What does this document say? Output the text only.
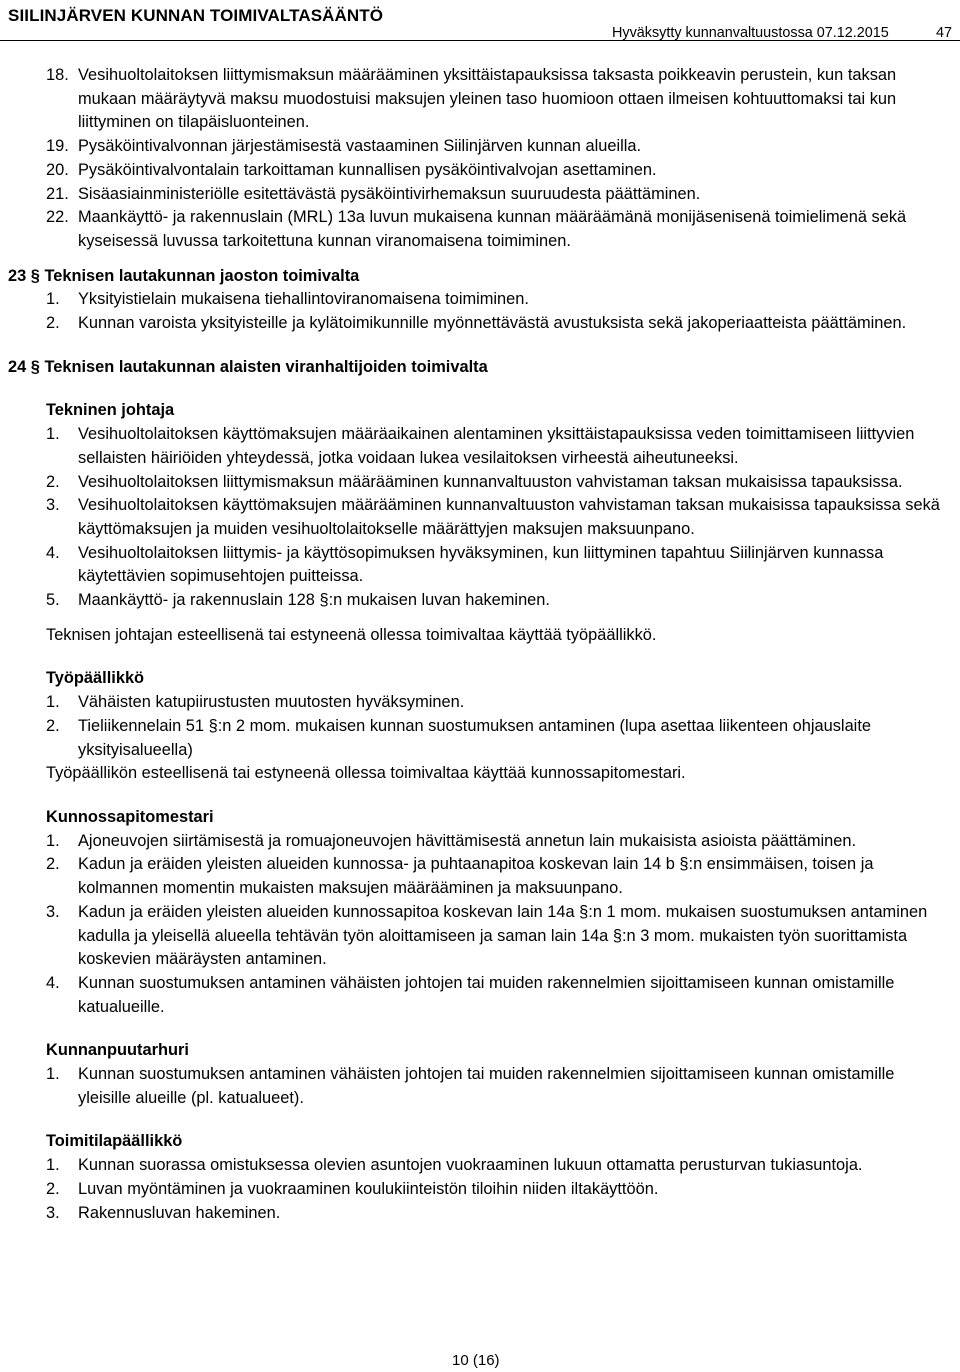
SIILINJÄRVEN KUNNAN TOIMIVALTASÄÄNTÖ
Hyväksytty kunnanvaltuustossa 07.12.2015	47
18. Vesihuoltolaitoksen liittymismaksun määrääminen yksittäistapauksissa taksasta poikkeavin perustein, kun taksan mukaan määräytyvä maksu muodostuisi maksujen yleinen taso huomioon ottaen ilmeisen kohtuuttomaksi tai kun liittyminen on tilapäisluonteinen.
19. Pysäköintivalvonnan järjestämisestä vastaaminen Siilinjärven kunnan alueilla.
20. Pysäköintivalvontalain tarkoittaman kunnallisen pysäköintivalvojan asettaminen.
21. Sisäasiainministeriölle esitettävästä pysäköintivirhemaksun suuruudesta päättäminen.
22. Maankäyttö- ja rakennuslain (MRL) 13a luvun mukaisena kunnan määräämänä monijäsenisenä toimielimenä sekä kyseisessä luvussa tarkoitettuna kunnan viranomaisena toimiminen.
23 § Teknisen lautakunnan jaoston toimivalta
1. Yksityistielain mukaisena tiehallintoviranomaisena toimiminen.
2. Kunnan varoista yksityisteille ja kylätoimikunnille myönnettävästä avustuksista sekä jakoperiaatteista päättäminen.
24 § Teknisen lautakunnan alaisten viranhaltijoiden toimivalta
Tekninen johtaja
1. Vesihuoltolaitoksen käyttömaksujen määräaikainen alentaminen yksittäistapauksissa veden toimittamiseen liittyvien sellaisten häiriöiden yhteydessä, jotka voidaan lukea vesilaitoksen virheestä aiheutuneeksi.
2. Vesihuoltolaitoksen liittymismaksun määrääminen kunnanvaltuuston vahvistaman taksan mukaisissa tapauksissa.
3. Vesihuoltolaitoksen käyttömaksujen määrääminen kunnanvaltuuston vahvistaman taksan mukaisissa tapauksissa sekä käyttömaksujen ja muiden vesihuoltolaitokselle määrättyjen maksujen maksuunpano.
4. Vesihuoltolaitoksen liittymis- ja käyttösopimuksen hyväksyminen, kun liittyminen tapahtuu Siilinjärven kunnassa käytettävien sopimusehtojen puitteissa.
5. Maankäyttö- ja rakennuslain 128 §:n mukaisen luvan hakeminen.
Teknisen johtajan esteellisenä tai estyneenä ollessa toimivaltaa käyttää työpäällikkö.
Työpäällikkö
1. Vähäisten katupiirustusten muutosten hyväksyminen.
2. Tieliikennelain 51 §:n 2 mom. mukaisen kunnan suostumuksen antaminen (lupa asettaa liikenteen ohjauslaite yksityisalueella)
Työpäällikön esteellisenä tai estyneenä ollessa toimivaltaa käyttää kunnossapitomestari.
Kunnossapitomestari
1. Ajoneuvojen siirtämisestä ja romuajoneuvojen hävittämisestä annetun lain mukaisista asioista päättäminen.
2. Kadun ja eräiden yleisten alueiden kunnossa- ja puhtaanapitoa koskevan lain 14 b §:n ensimmäisen, toisen ja kolmannen momentin mukaisten maksujen määrääminen ja maksuunpano.
3. Kadun ja eräiden yleisten alueiden kunnossapitoa koskevan lain 14a §:n 1 mom. mukaisen suostumuksen antaminen kadulla ja yleisellä alueella tehtävän työn aloittamiseen ja saman lain 14a §:n 3 mom. mukaisten työn suorittamista koskevien määräysten antaminen.
4. Kunnan suostumuksen antaminen vähäisten johtojen tai muiden rakennelmien sijoittamiseen kunnan omistamille katualueille.
Kunnanpuutarhuri
1. Kunnan suostumuksen antaminen vähäisten johtojen tai muiden rakennelmien sijoittamiseen kunnan omistamille yleisille alueille (pl. katualueet).
Toimitilapäällikkö
1. Kunnan suorassa omistuksessa olevien asuntojen vuokraaminen lukuun ottamatta perusturvan tukiasuntoja.
2. Luvan myöntäminen ja vuokraaminen koulukiinteistön tiloihin niiden iltakäyttöön.
3. Rakennusluvan hakeminen.
10 (16)
